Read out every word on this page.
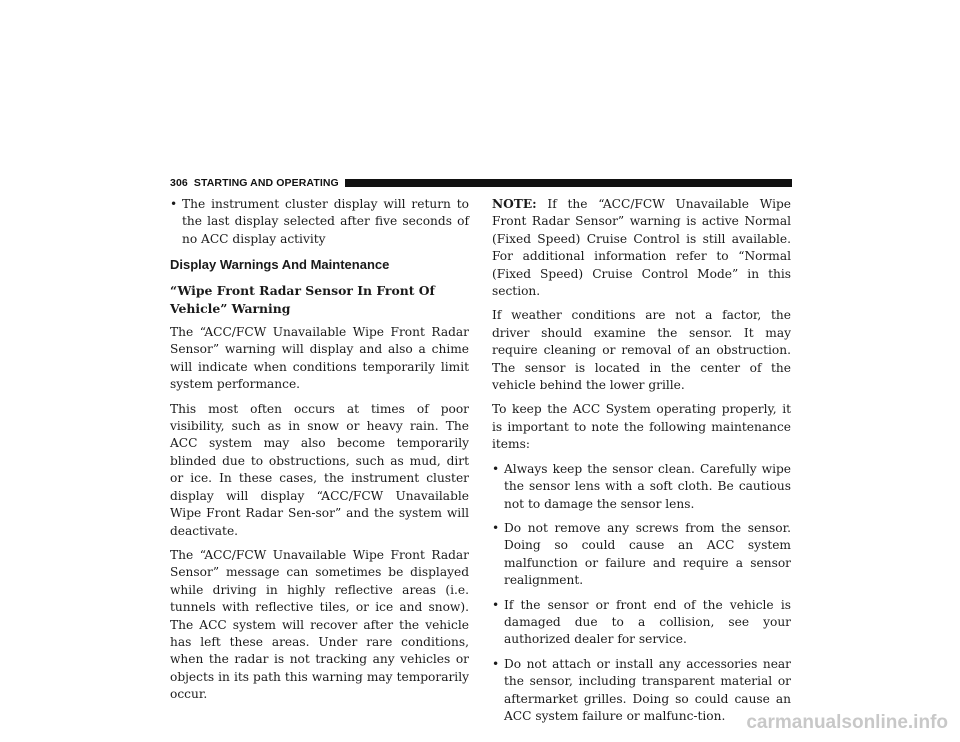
306 STARTING AND OPERATING
• The instrument cluster display will return to the last display selected after five seconds of no ACC display activity

Display Warnings And Maintenance
“Wipe Front Radar Sensor In Front Of Vehicle” Warning

The “ACC/FCW Unavailable Wipe Front Radar Sensor” warning will display and also a chime will indicate when conditions temporarily limit system performance.

This most often occurs at times of poor visibility, such as in snow or heavy rain. The ACC system may also become temporarily blinded due to obstructions, such as mud, dirt or ice. In these cases, the instrument cluster display will display “ACC/FCW Unavailable Wipe Front Radar Sen-sor” and the system will deactivate.

The “ACC/FCW Unavailable Wipe Front Radar Sensor” message can sometimes be displayed while driving in highly reflective areas (i.e. tunnels with reflective tiles, or ice and snow). The ACC system will recover after the vehicle has left these areas. Under rare conditions, when the radar is not tracking any vehicles or objects in its path this warning may temporarily occur.

NOTE: If the “ACC/FCW Unavailable Wipe Front Radar Sensor” warning is active Normal (Fixed Speed) Cruise Control is still available. For additional information refer to “Normal (Fixed Speed) Cruise Control Mode” in this section.

If weather conditions are not a factor, the driver should examine the sensor. It may require cleaning or removal of an obstruction. The sensor is located in the center of the vehicle behind the lower grille.

To keep the ACC System operating properly, it is important to note the following maintenance items:

• Always keep the sensor clean. Carefully wipe the sensor lens with a soft cloth. Be cautious not to damage the sensor lens.

• Do not remove any screws from the sensor. Doing so could cause an ACC system malfunction or failure and require a sensor realignment.

• If the sensor or front end of the vehicle is damaged due to a collision, see your authorized dealer for service.

• Do not attach or install any accessories near the sensor, including transparent material or aftermarket grilles. Doing so could cause an ACC system failure or malfunc-tion.	carmanualsonline.info
